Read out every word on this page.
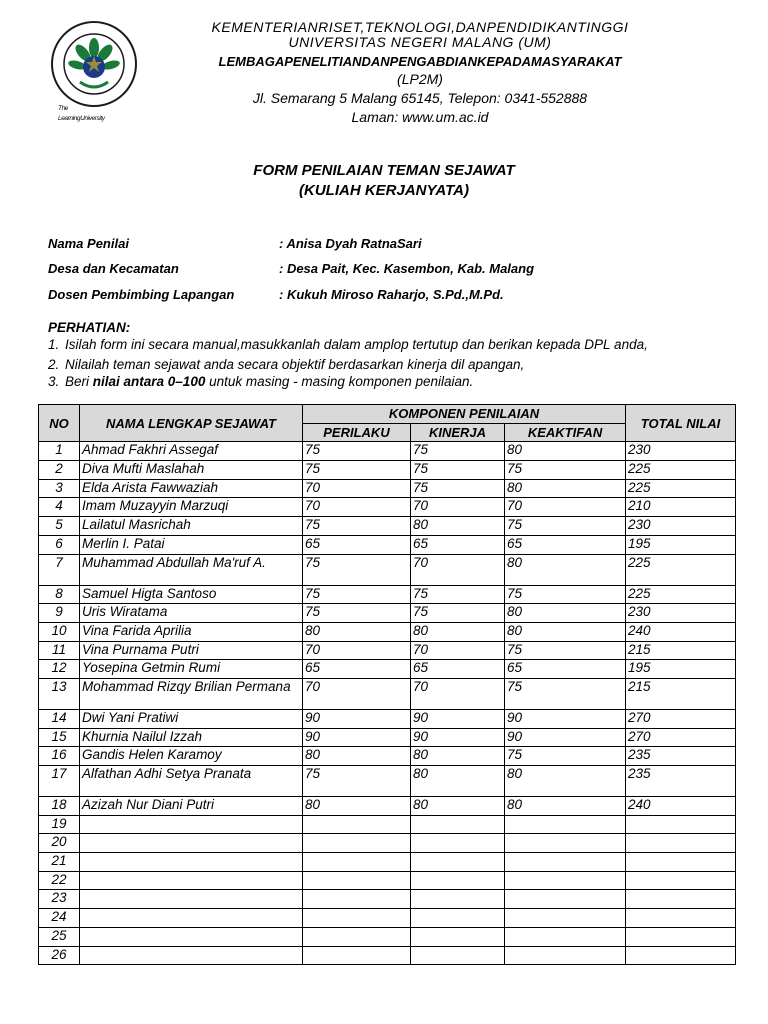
The LearningUniversity
KEMENTERIANRISET,TEKNOLOGI,DANPENDIDIKANTINGGI
UNIVERSITAS NEGERI MALANG (UM)
LEMBAGAPENELITIANDANPENGABDIANKEPADAMASYARAKAT
(LP2M)
Jl. Semarang 5 Malang 65145, Telepon: 0341-552888
Laman: www.um.ac.id
FORM PENILAIAN TEMAN SEJAWAT
(KULIAH KERJANYATA)
Nama Penilai	: Anisa Dyah RatnaSari
Desa dan Kecamatan	: Desa Pait, Kec. Kasembon, Kab. Malang
Dosen Pembimbing Lapangan	: Kukuh Miroso Raharjo, S.Pd.,M.Pd.
PERHATIAN:
1. Isilah form ini secara manual,masukkanlah dalam amplop tertutup dan berikan kepada DPL anda,
2. Nilailah teman sejawat anda secara objektif berdasarkan kinerja dil apangan,
3. Beri nilai antara 0–100 untuk masing - masing komponen penilaian.
NO	NAMA LENGKAP SEJAWAT	KOMPONEN PENILAIAN			TOTAL NILAI
		PERILAKU	KINERJA	KEAKTIFAN	
1	Ahmad Fakhri Assegaf	75	75	80	230
2	Diva Mufti Maslahah	75	75	75	225
3	Elda Arista Fawwaziah	70	75	80	225
4	Imam Muzayyin Marzuqi	70	70	70	210
5	Lailatul Masrichah	75	80	75	230
6	Merlin I. Patai	65	65	65	195
7	Muhammad Abdullah Ma'ruf A.	75	70	80	225
8	Samuel Higta Santoso	75	75	75	225
9	Uris Wiratama	75	75	80	230
10	Vina Farida Aprilia	80	80	80	240
11	Vina Purnama Putri	70	70	75	215
12	Yosepina Getmin Rumi	65	65	65	195
13	Mohammad Rizqy Brilian Permana	70	70	75	215
14	Dwi Yani Pratiwi	90	90	90	270
15	Khurnia Nailul Izzah	90	90	90	270
16	Gandis Helen Karamoy	80	80	75	235
17	Alfathan Adhi Setya Pranata	75	80	80	235
18	Azizah Nur Diani Putri	80	80	80	240
19					
20					
21					
22					
23					
24					
25					
26					
